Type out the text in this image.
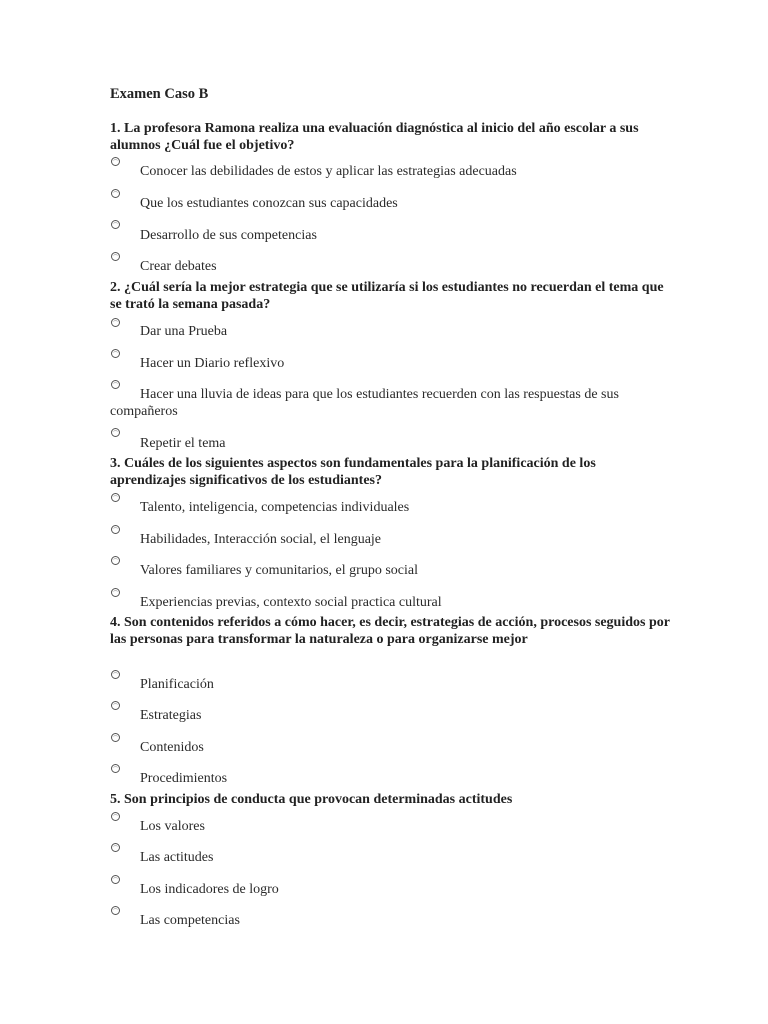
Examen Caso B
1. La profesora Ramona realiza una evaluación diagnóstica al inicio del año escolar a sus alumnos ¿Cuál fue el objetivo?
Conocer las debilidades de estos y aplicar las estrategias adecuadas
Que los estudiantes conozcan sus capacidades
Desarrollo de sus competencias
Crear debates
2. ¿Cuál sería la mejor estrategia que se utilizaría si los estudiantes no recuerdan el tema que se trató la semana pasada?
Dar una Prueba
Hacer un Diario reflexivo
Hacer una lluvia de ideas para que los estudiantes recuerden con las respuestas de sus compañeros
Repetir el tema
3. Cuáles de los siguientes aspectos son fundamentales para la planificación de los aprendizajes significativos de los estudiantes?
Talento, inteligencia, competencias individuales
Habilidades, Interacción social, el lenguaje
Valores familiares y comunitarios, el grupo social
Experiencias previas, contexto social practica cultural
4. Son contenidos referidos a cómo hacer, es decir, estrategias de acción, procesos seguidos por las personas para transformar la naturaleza o para organizarse mejor
Planificación
Estrategias
Contenidos
Procedimientos
5. Son principios de conducta que provocan determinadas actitudes
Los valores
Las actitudes
Los indicadores de logro
Las competencias
